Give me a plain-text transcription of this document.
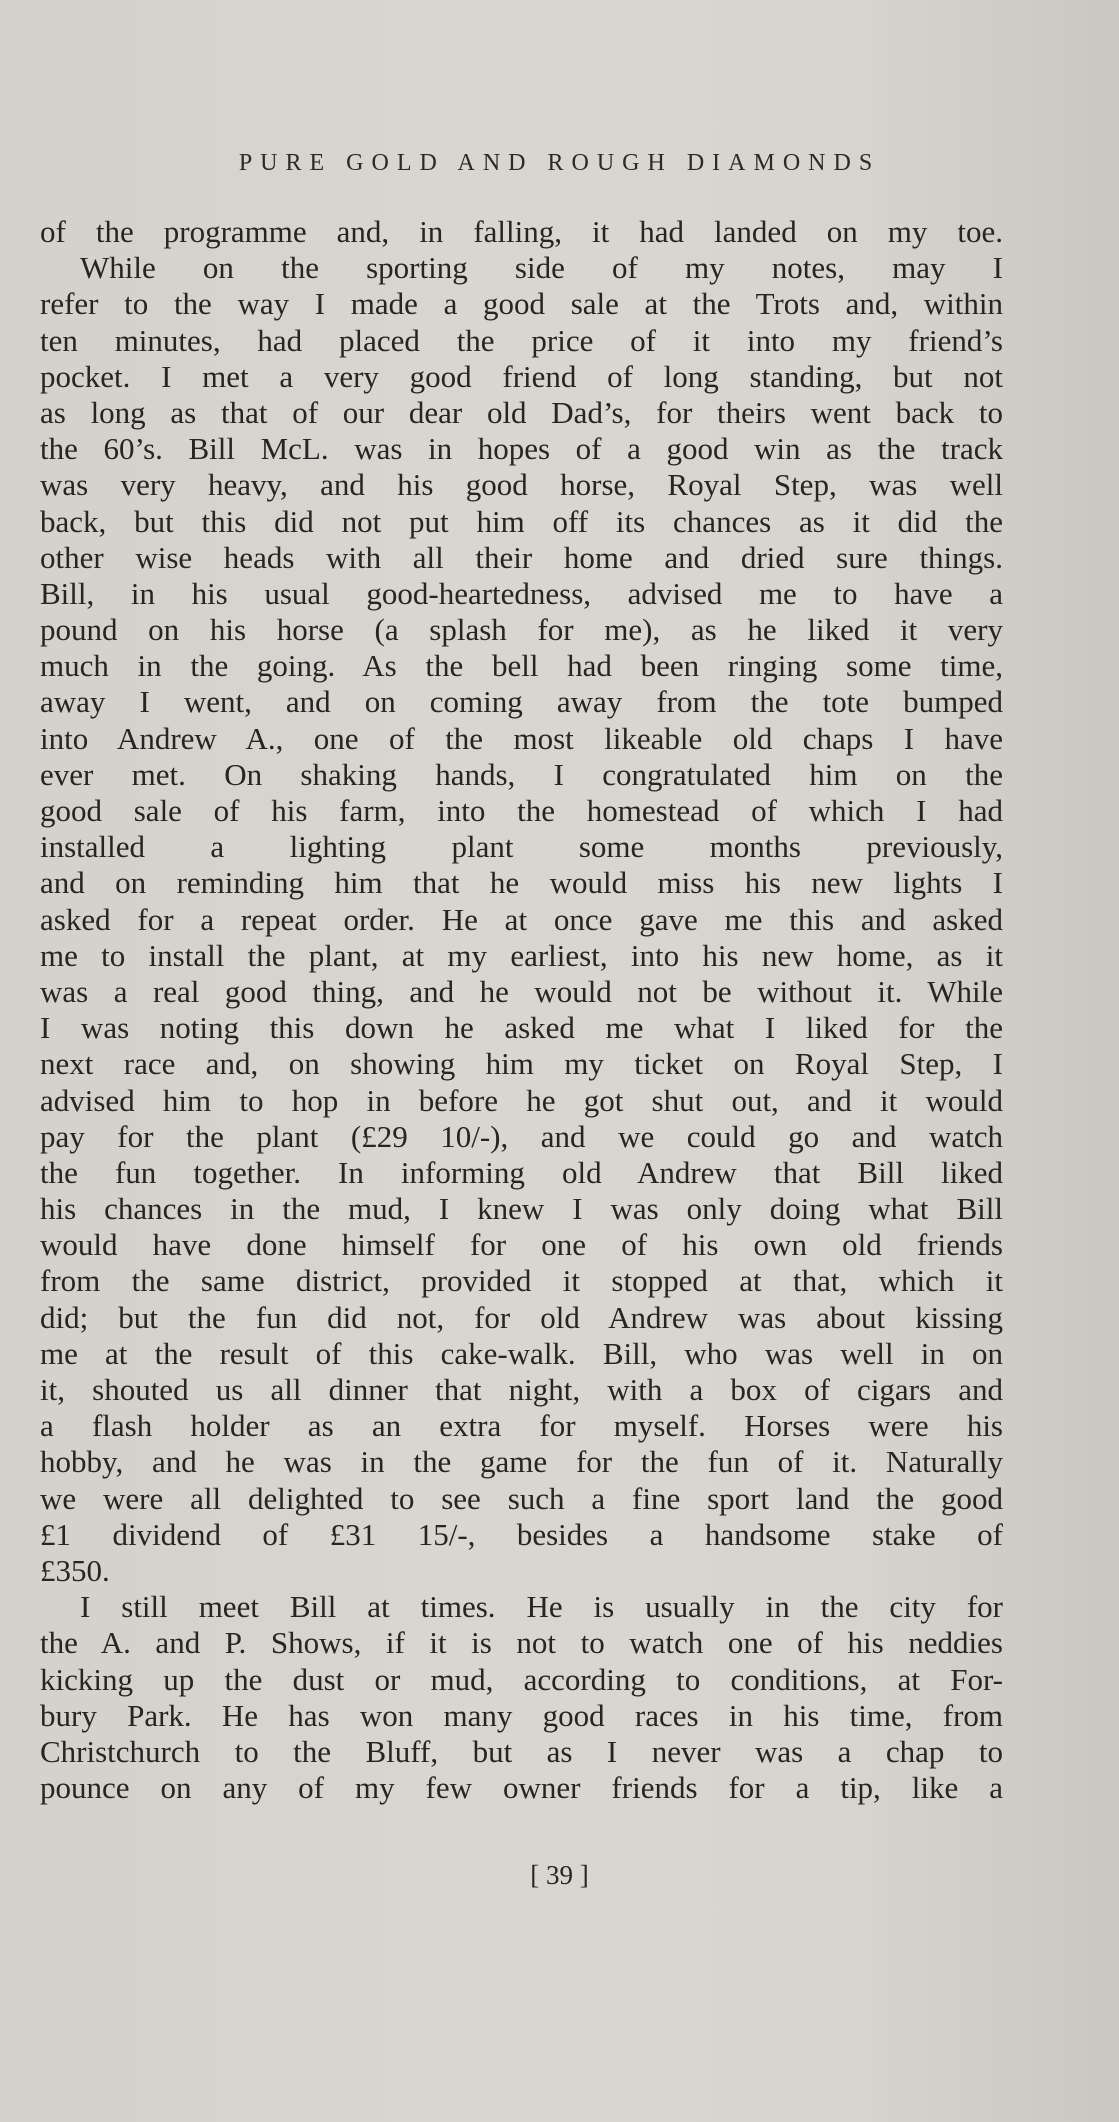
PURE GOLD AND ROUGH DIAMONDS
of the programme and, in falling, it had landed on my toe.
While on the sporting side of my notes, may I
refer to the way I made a good sale at the Trots and, within
ten minutes, had placed the price of it into my friend’s
pocket. I met a very good friend of long standing, but not
as long as that of our dear old Dad’s, for theirs went back to
the 60’s. Bill McL. was in hopes of a good win as the track
was very heavy, and his good horse, Royal Step, was well
back, but this did not put him off its chances as it did the
other wise heads with all their home and dried sure things.
Bill, in his usual good-heartedness, advised me to have a
pound on his horse (a splash for me), as he liked it very
much in the going. As the bell had been ringing some time,
away I went, and on coming away from the tote bumped
into Andrew A., one of the most likeable old chaps I have
ever met. On shaking hands, I congratulated him on the
good sale of his farm, into the homestead of which I had
installed a lighting plant some months previously,
and on reminding him that he would miss his new lights I
asked for a repeat order. He at once gave me this and asked
me to install the plant, at my earliest, into his new home, as it
was a real good thing, and he would not be without it. While
I was noting this down he asked me what I liked for the
next race and, on showing him my ticket on Royal Step, I
advised him to hop in before he got shut out, and it would
pay for the plant (£29 10/-), and we could go and watch
the fun together. In informing old Andrew that Bill liked
his chances in the mud, I knew I was only doing what Bill
would have done himself for one of his own old friends
from the same district, provided it stopped at that, which it
did; but the fun did not, for old Andrew was about kissing
me at the result of this cake-walk. Bill, who was well in on
it, shouted us all dinner that night, with a box of cigars and
a flash holder as an extra for myself. Horses were his
hobby, and he was in the game for the fun of it. Naturally
we were all delighted to see such a fine sport land the good
£1 dividend of £31 15/-, besides a handsome stake of
£350.
I still meet Bill at times. He is usually in the city for
the A. and P. Shows, if it is not to watch one of his neddies
kicking up the dust or mud, according to conditions, at For-
bury Park. He has won many good races in his time, from
Christchurch to the Bluff, but as I never was a chap to
pounce on any of my few owner friends for a tip, like a
[ 39 ]
